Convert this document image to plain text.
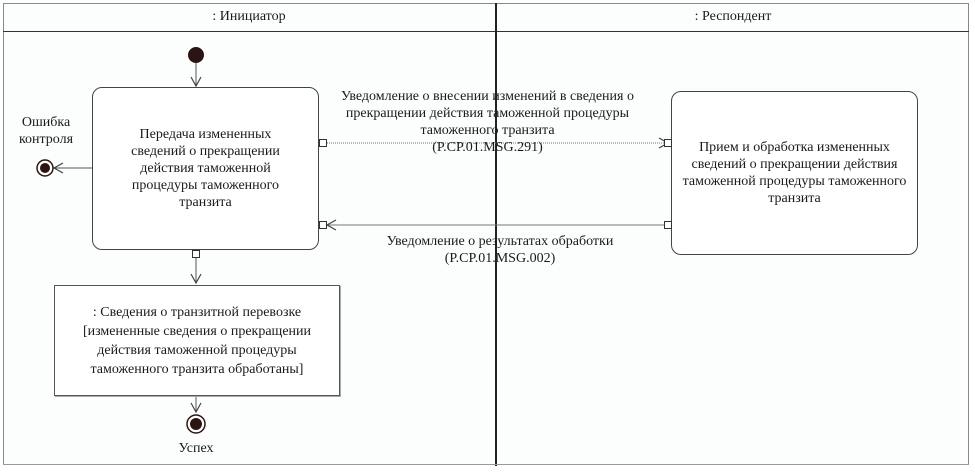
: Инициатор	: Респондент
Передача измененных сведений о прекращении действия таможенной процедуры таможенного транзита
Прием и обработка измененных сведений о прекращении действия таможенной процедуры таможенного транзита
Уведомление о внесении изменений в сведения о прекращении действия таможенной процедуры таможенного транзита
(P.CP.01.MSG.291)
Уведомление о результатах обработки
(P.CP.01.MSG.002)
: Сведения о транзитной перевозке [измененные сведения о прекращении действия таможенной процедуры таможенного транзита обработаны]
Ошибка контроля
Успех
